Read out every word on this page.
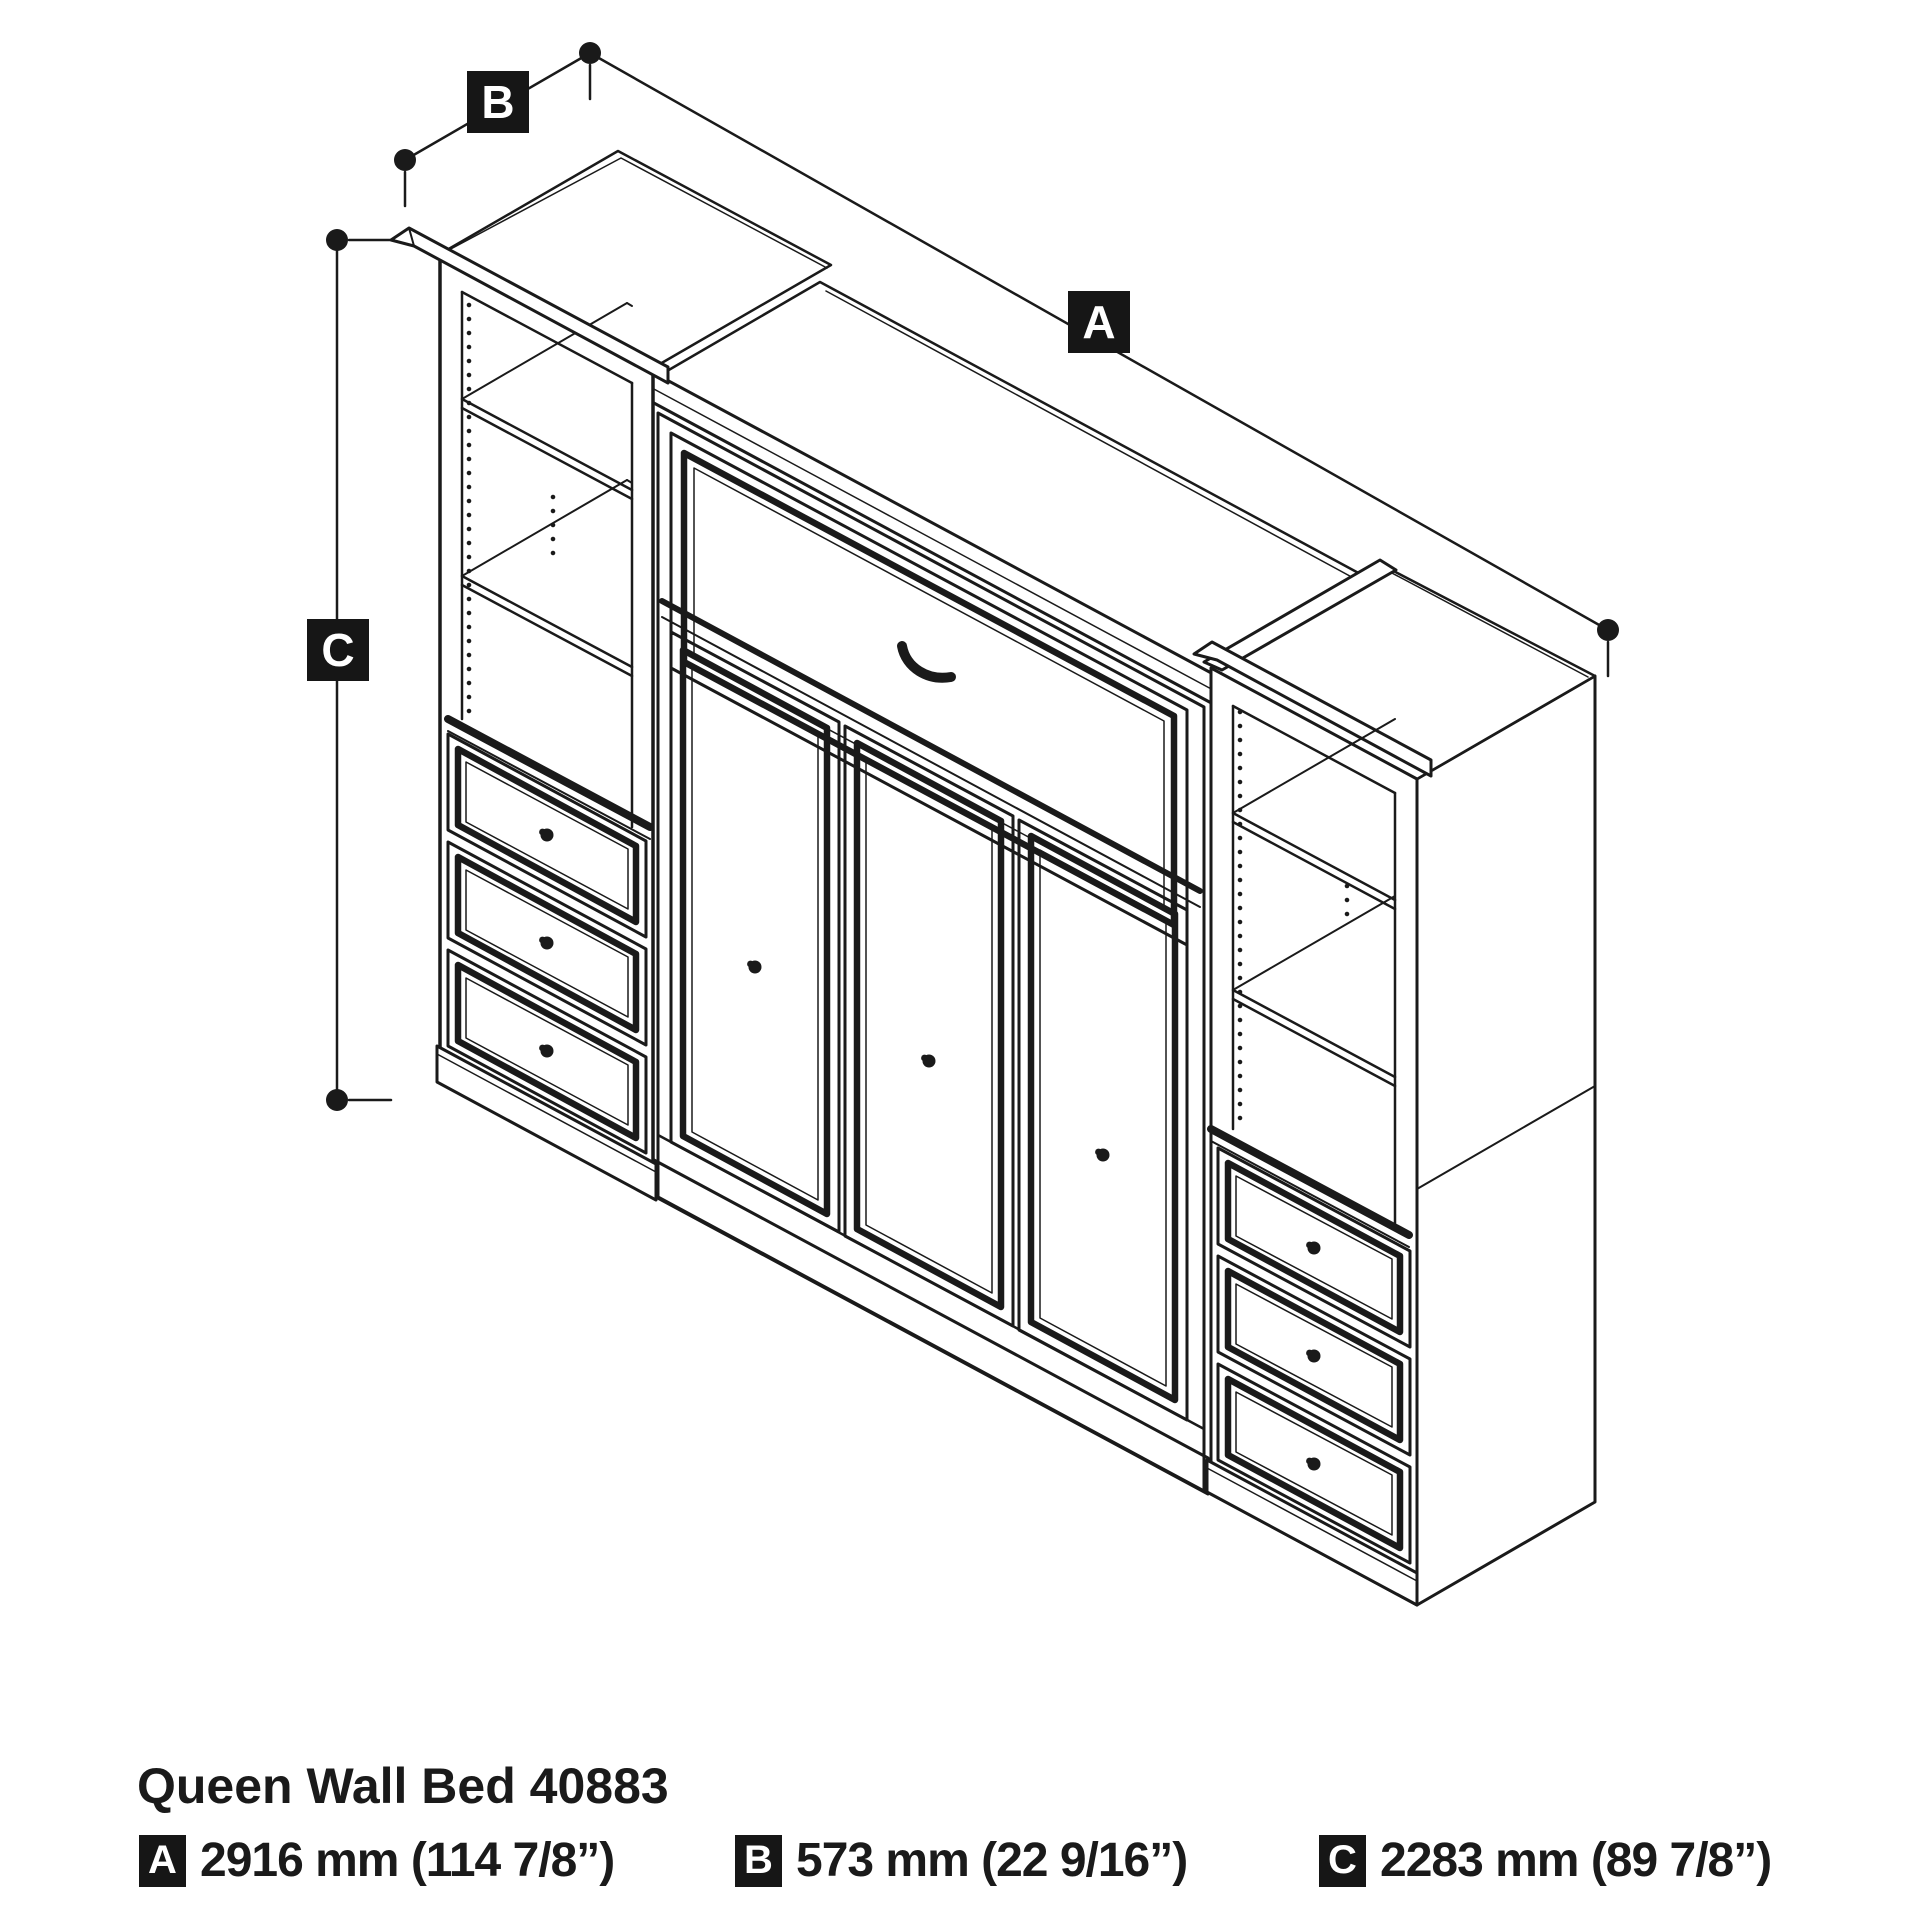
B
A
C
Queen Wall Bed 40883
A 2916 mm (114 7/8”)	B 573 mm (22 9/16”)	C 2283 mm (89 7/8”)
